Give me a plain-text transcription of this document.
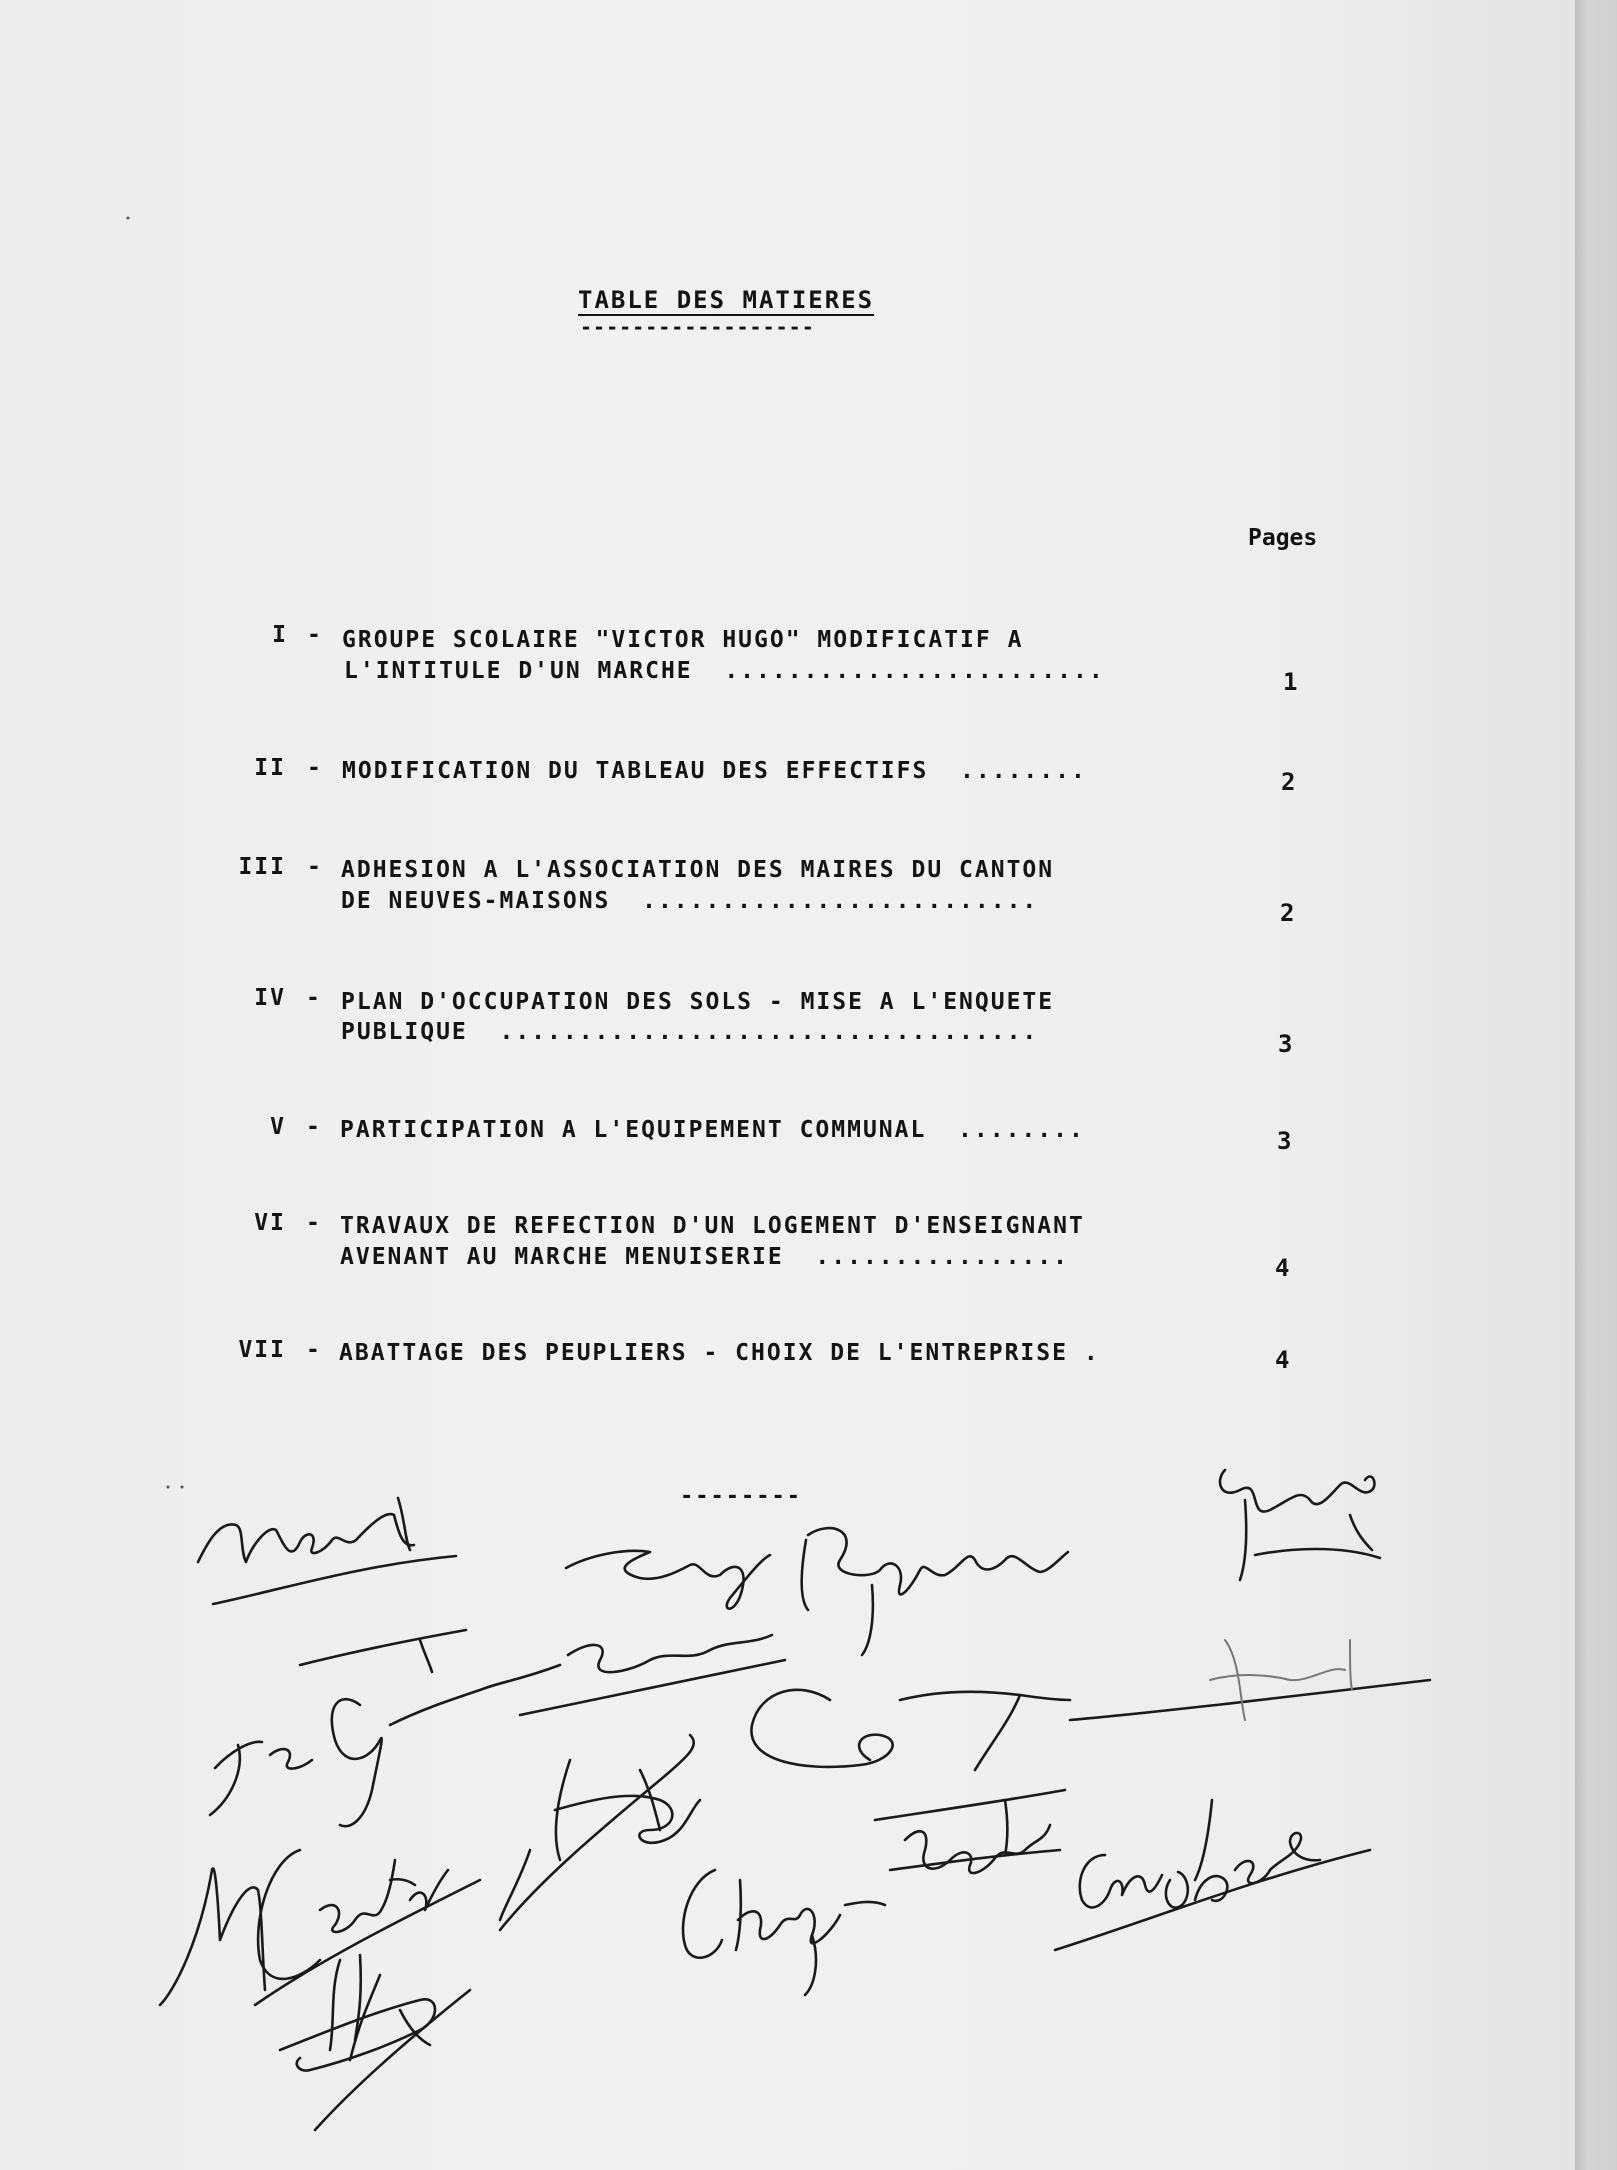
TABLE DES MATIERES
------------------
Pages
I - GROUPE SCOLAIRE "VICTOR HUGO" MODIFICATIF A
L'INTITULE D'UN MARCHE  ........................	1
II - MODIFICATION DU TABLEAU DES EFFECTIFS  ........	2
III - ADHESION A L'ASSOCIATION DES MAIRES DU CANTON
DE NEUVES-MAISONS  .........................	2
IV - PLAN D'OCCUPATION DES SOLS - MISE A L'ENQUETE
PUBLIQUE  ..................................	3
V - PARTICIPATION A L'EQUIPEMENT COMMUNAL  ........	3
VI - TRAVAUX DE REFECTION D'UN LOGEMENT D'ENSEIGNANT
AVENANT AU MARCHE MENUISERIE  ................	4
VII - ABATTAGE DES PEUPLIERS - CHOIX DE L'ENTREPRISE .	4
--------
